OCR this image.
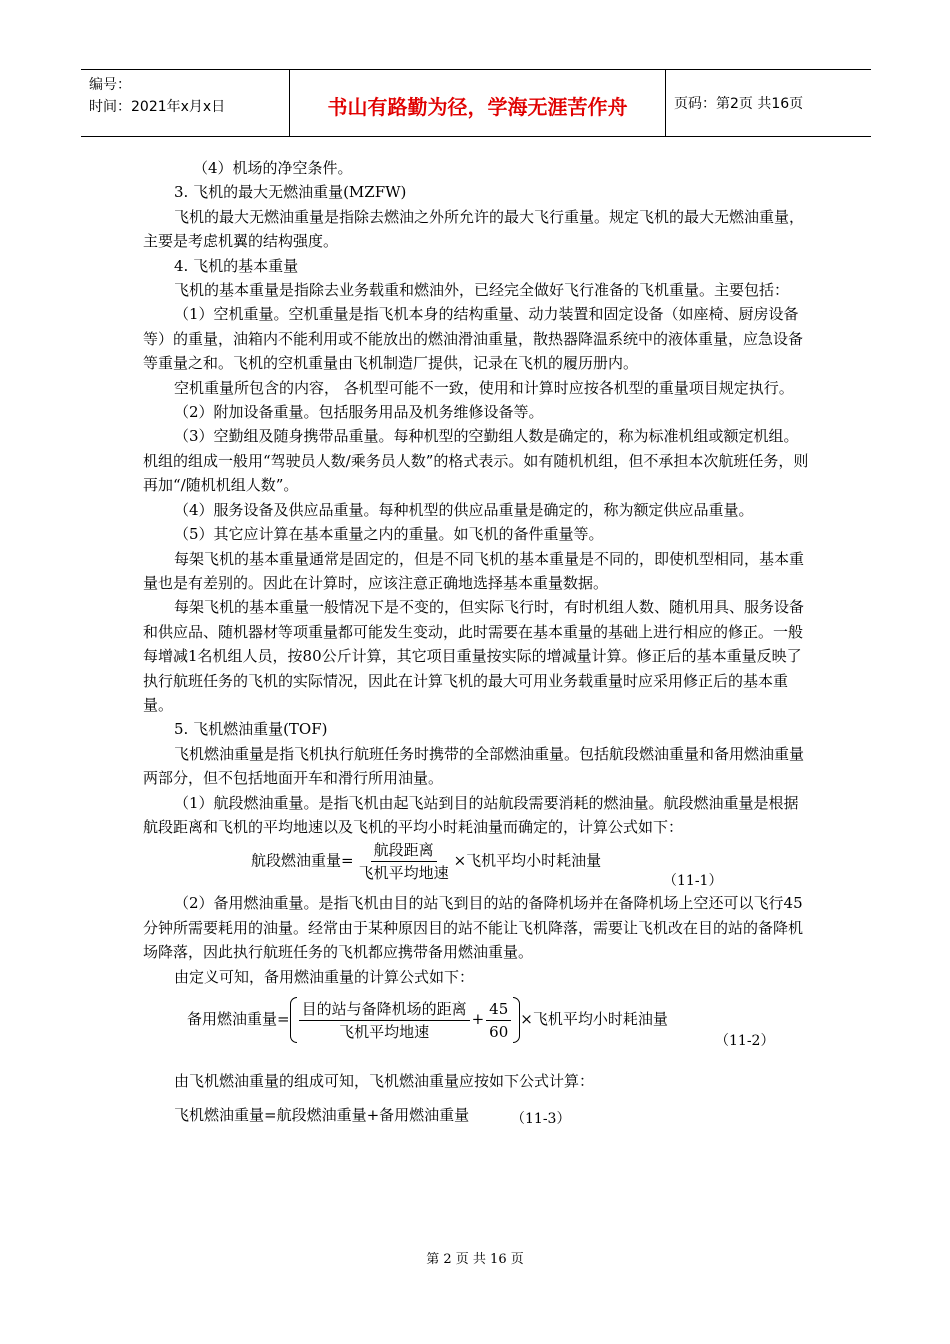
编号：
时间：2021年x月x日	书山有路勤为径，学海无涯苦作舟	页码：第2页 共16页

（4）机场的净空条件。

3. 飞机的最大无燃油重量(MZFW)

飞机的最大无燃油重量是指除去燃油之外所允许的最大飞行重量。规定飞机的最大无燃油重量，主要是考虑机翼的结构强度。

4. 飞机的基本重量

飞机的基本重量是指除去业务载重和燃油外，已经完全做好飞行准备的飞机重量。主要包括：

（1）空机重量。空机重量是指飞机本身的结构重量、动力装置和固定设备（如座椅、厨房设备等）的重量，油箱内不能利用或不能放出的燃油滑油重量，散热器降温系统中的液体重量，应急设备等重量之和。飞机的空机重量由飞机制造厂提供，记录在飞机的履历册内。

空机重量所包含的内容， 各机型可能不一致，使用和计算时应按各机型的重量项目规定执行。

（2）附加设备重量。包括服务用品及机务维修设备等。

（3）空勤组及随身携带品重量。每种机型的空勤组人数是确定的，称为标准机组或额定机组。机组的组成一般用“驾驶员人数/乘务员人数”的格式表示。如有随机机组，但不承担本次航班任务，则再加“/随机机组人数”。

（4）服务设备及供应品重量。每种机型的供应品重量是确定的，称为额定供应品重量。

（5）其它应计算在基本重量之内的重量。如飞机的备件重量等。

每架飞机的基本重量通常是固定的，但是不同飞机的基本重量是不同的，即使机型相同，基本重量也是有差别的。因此在计算时，应该注意正确地选择基本重量数据。

每架飞机的基本重量一般情况下是不变的，但实际飞行时，有时机组人数、随机用具、服务设备和供应品、随机器材等项重量都可能发生变动，此时需要在基本重量的基础上进行相应的修正。一般每增减1名机组人员，按80公斤计算，其它项目重量按实际的增减量计算。修正后的基本重量反映了执行航班任务的飞机的实际情况，因此在计算飞机的最大可用业务载重量时应采用修正后的基本重量。

5. 飞机燃油重量(TOF)

飞机燃油重量是指飞机执行航班任务时携带的全部燃油重量。包括航段燃油重量和备用燃油重量两部分，但不包括地面开车和滑行所用油量。

（1）航段燃油重量。是指飞机由起飞站到目的站航段需要消耗的燃油量。航段燃油重量是根据航段距离和飞机的平均地速以及飞机的平均小时耗油量而确定的，计算公式如下：

航段燃油重量= $\frac{\text{航段距离}}{\text{飞机平均地速}}$ ×飞机平均小时耗油量
（11-1）

（2）备用燃油重量。是指飞机由目的站飞到目的站的备降机场并在备降机场上空还可以飞行45分钟所需要耗用的油量。经常由于某种原因目的站不能让飞机降落，需要让飞机改在目的站的备降机场降落，因此执行航班任务的飞机都应携带备用燃油重量。

由定义可知，备用燃油重量的计算公式如下：

备用燃油重量= $\frac{\text{目的站与备降机场的距离}}{\text{飞机平均地速}} + \frac{45}{60}$ ×飞机平均小时耗油量
（11-2）

由飞机燃油重量的组成可知，飞机燃油重量应按如下公式计算：

飞机燃油重量=航段燃油重量+备用燃油重量	（11-3）
第 2 页 共 16 页
